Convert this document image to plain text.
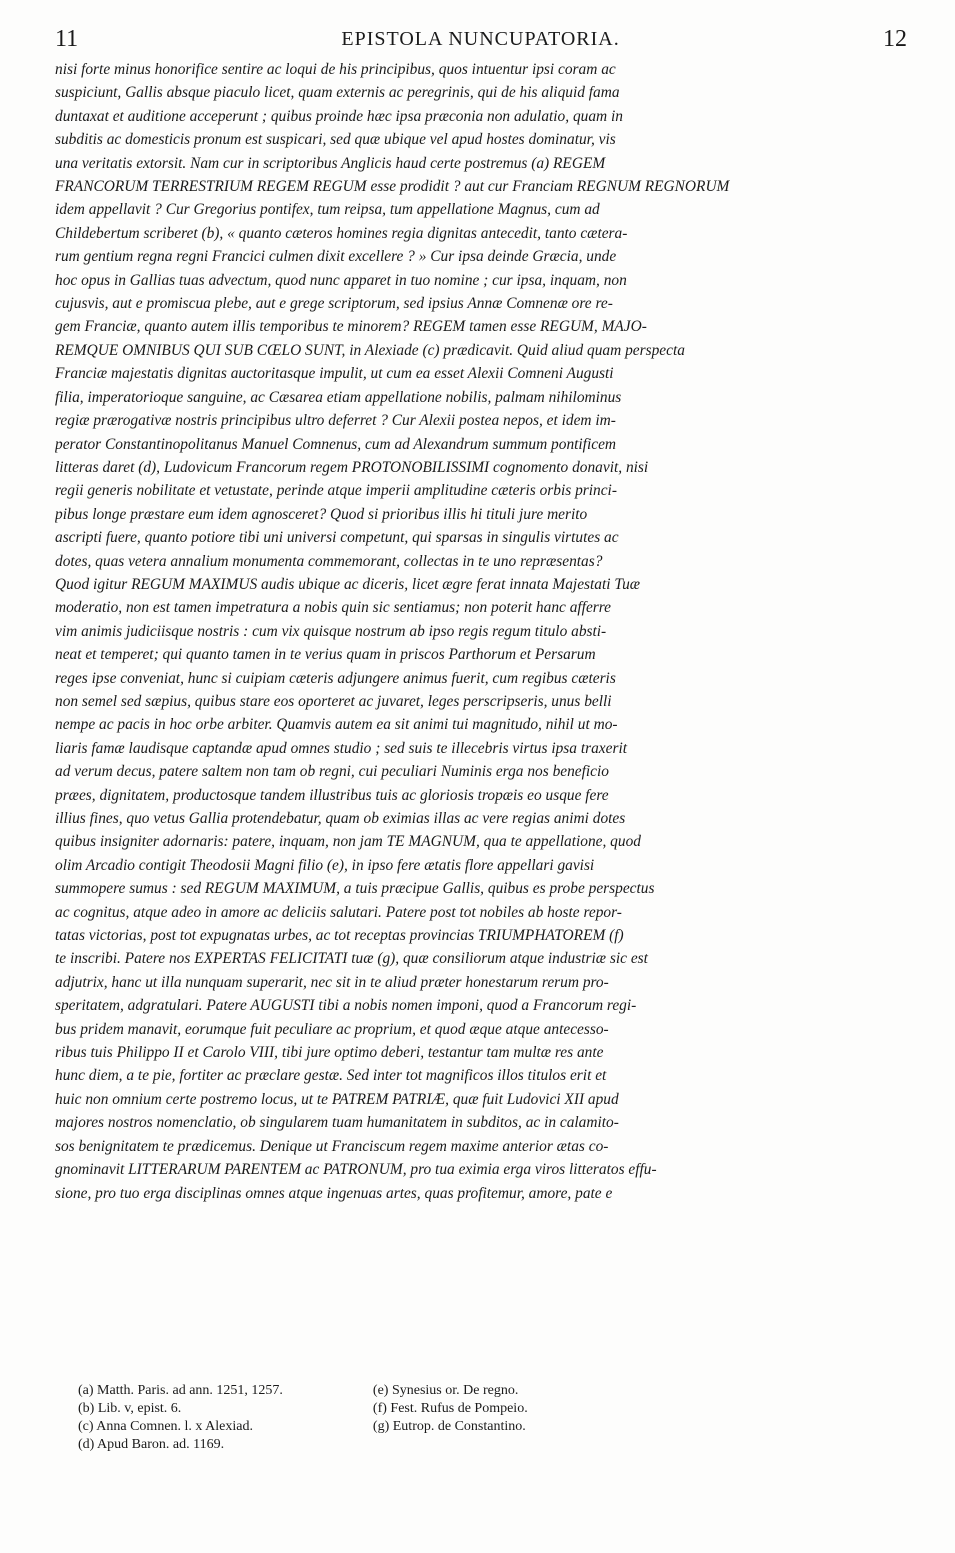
11	EPISTOLA NUNCUPATORIA.	12
nisi forte minus honorifice sentire ac loqui de his principibus, quos intuentur ipsi coram ac
suspiciunt, Gallis absque piaculo licet, quam externis ac peregrinis, qui de his aliquid fama
duntaxat et auditione acceperunt ; quibus proinde hæc ipsa præconia non adulatio, quam in
subditis ac domesticis pronum est suspicari, sed quæ ubique vel apud hostes dominatur, vis
una veritatis extorsit. Nam cur in scriptoribus Anglicis haud certe postremus (a) REGEM
FRANCORUM TERRESTRIUM REGEM REGUM esse prodidit ? aut cur Franciam REGNUM REGNORUM
idem appellavit ? Cur Gregorius pontifex, tum reipsa, tum appellatione Magnus, cum ad
Childebertum scriberet (b), « quanto cæteros homines regia dignitas antecedit, tanto cætera-
rum gentium regna regni Francici culmen dixit excellere ? » Cur ipsa deinde Græcia, unde
hoc opus in Gallias tuas advectum, quod nunc apparet in tuo nomine ; cur ipsa, inquam, non
cujusvis, aut e promiscua plebe, aut e grege scriptorum, sed ipsius Annæ Comnenæ ore re-
gem Franciæ, quanto autem illis temporibus te minorem? REGEM tamen esse REGUM, MAJO-
REMQUE OMNIBUS QUI SUB CŒLO SUNT, in Alexiade (c) prædicavit. Quid aliud quam perspecta
Franciæ majestatis dignitas auctoritasque impulit, ut cum ea esset Alexii Comneni Augusti
filia, imperatorioque sanguine, ac Cæsarea etiam appellatione nobilis, palmam nihilominus
regiæ prærogativæ nostris principibus ultro deferret ? Cur Alexii postea nepos, et idem im-
perator Constantinopolitanus Manuel Comnenus, cum ad Alexandrum summum pontificem
litteras daret (d), Ludovicum Francorum regem PROTONOBILISSIMI cognomento donavit, nisi
regii generis nobilitate et vetustate, perinde atque imperii amplitudine cæteris orbis princi-
pibus longe præstare eum idem agnosceret? Quod si prioribus illis hi tituli jure merito
ascripti fuere, quanto potiore tibi uni universi competunt, qui sparsas in singulis virtutes ac
dotes, quas vetera annalium monumenta commemorant, collectas in te uno repræsentas?
Quod igitur REGUM MAXIMUS audis ubique ac diceris, licet ægre ferat innata Majestati Tuæ
moderatio, non est tamen impetratura a nobis quin sic sentiamus; non poterit hanc afferre
vim animis judiciisque nostris : cum vix quisque nostrum ab ipso regis regum titulo absti-
neat et temperet; qui quanto tamen in te verius quam in priscos Parthorum et Persarum
reges ipse conveniat, hunc si cuipiam cæteris adjungere animus fuerit, cum regibus cæteris
non semel sed sæpius, quibus stare eos oporteret ac juvaret, leges perscripseris, unus belli
nempe ac pacis in hoc orbe arbiter. Quamvis autem ea sit animi tui magnitudo, nihil ut mo-
liaris famæ laudisque captandæ apud omnes studio ; sed suis te illecebris virtus ipsa traxerit
ad verum decus, patere saltem non tam ob regni, cui peculiari Numinis erga nos beneficio
præes, dignitatem, productosque tandem illustribus tuis ac gloriosis tropæis eo usque fere
illius fines, quo vetus Gallia protendebatur, quam ob eximias illas ac vere regias animi dotes
quibus insigniter adornaris: patere, inquam, non jam TE MAGNUM, qua te appellatione, quod
olim Arcadio contigit Theodosii Magni filio (e), in ipso fere ætatis flore appellari gavisi
summopere sumus : sed REGUM MAXIMUM, a tuis præcipue Gallis, quibus es probe perspectus
ac cognitus, atque adeo in amore ac deliciis salutari. Patere post tot nobiles ab hoste repor-
tatas victorias, post tot expugnatas urbes, ac tot receptas provincias TRIUMPHATOREM (f)
te inscribi. Patere nos EXPERTAS FELICITATI tuæ (g), quæ consiliorum atque industriæ sic est
adjutrix, hanc ut illa nunquam superarit, nec sit in te aliud præter honestarum rerum pro-
speritatem, adgratulari. Patere AUGUSTI tibi a nobis nomen imponi, quod a Francorum regi-
bus pridem manavit, eorumque fuit peculiare ac proprium, et quod æque atque antecesso-
ribus tuis Philippo II et Carolo VIII, tibi jure optimo deberi, testantur tam multæ res ante
hunc diem, a te pie, fortiter ac præclare gestæ. Sed inter tot magnificos illos titulos erit et
huic non omnium certe postremo locus, ut te PATREM PATRIÆ, quæ fuit Ludovici XII apud
majores nostros nomenclatio, ob singularem tuam humanitatem in subditos, ac in calamito-
sos benignitatem te prædicemus. Denique ut Franciscum regem maxime anterior ætas co-
gnominavit LITTERARUM PARENTEM ac PATRONUM, pro tua eximia erga viros litteratos effu-
sione, pro tuo erga disciplinas omnes atque ingenuas artes, quas profitemur, amore, pate e
(a) Matth. Paris. ad ann. 1251, 1257.
(b) Lib. v, epist. 6.
(c) Anna Comnen. l. x Alexiad.
(d) Apud Baron. ad. 1169.
(e) Synesius or. De regno.
(f) Fest. Rufus de Pompeio.
(g) Eutrop. de Constantino.
